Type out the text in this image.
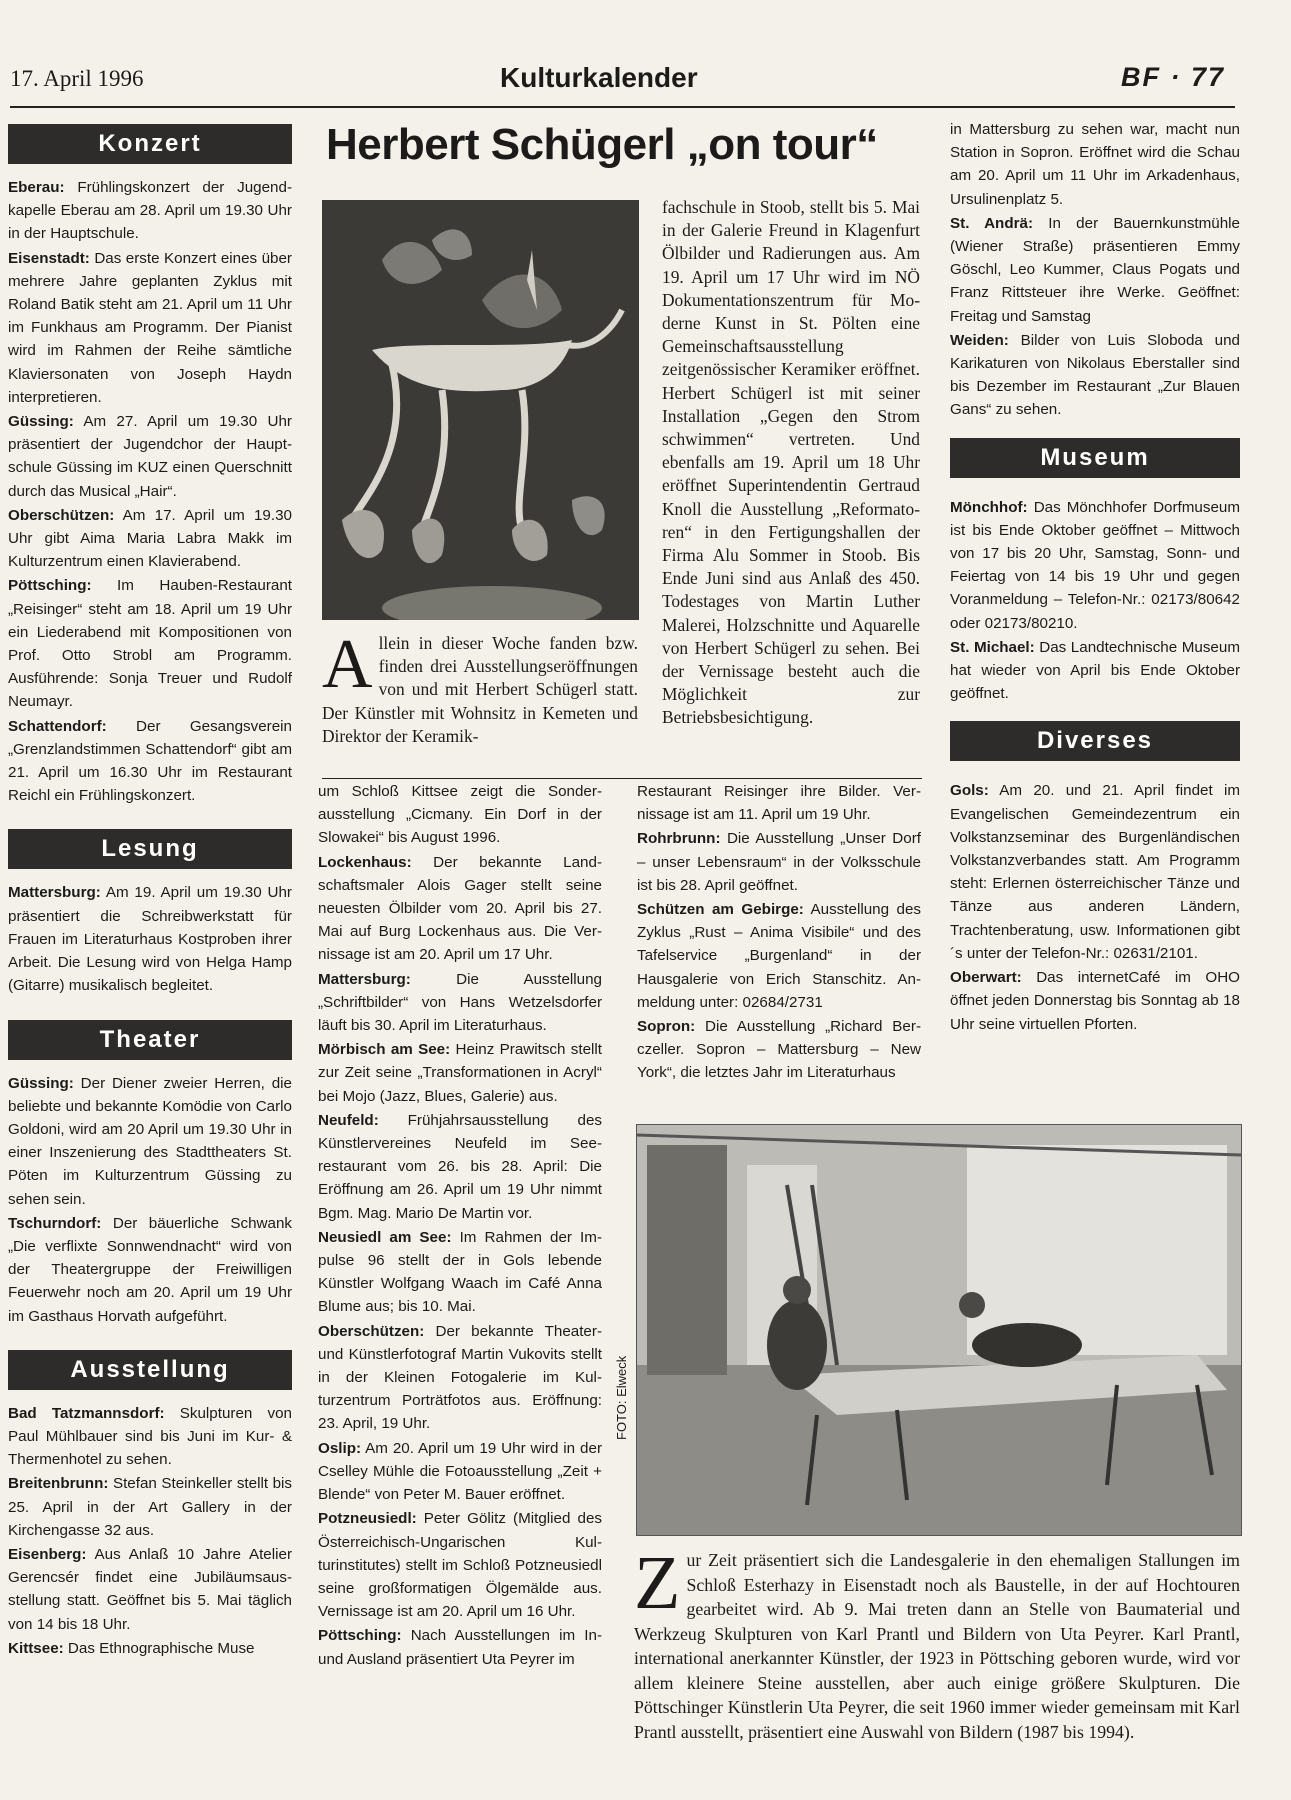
17. April 1996	Kulturkalender	BF · 77
Konzert

Eberau: Frühlingskonzert der Jugendkapelle Eberau am 28. April um 19.30 Uhr in der Hauptschule.

Eisenstadt: Das erste Konzert eines über mehrere Jahre geplanten Zyklus mit Roland Batik steht am 21. April um 11 Uhr im Funkhaus am Programm. Der Pianist wird im Rahmen der Reihe sämtliche Klaviersonaten von Joseph Haydn interpretieren.

Güssing: Am 27. April um 19.30 Uhr präsentiert der Jugendchor der Hauptschule Güssing im KUZ einen Querschnitt durch das Musical „Hair“.

Oberschützen: Am 17. April um 19.30 Uhr gibt Aima Maria Labra Makk im Kulturzentrum einen Klavierabend.

Pöttsching: Im Hauben-Restaurant „Reisinger“ steht am 18. April um 19 Uhr ein Liederabend mit Kompositionen von Prof. Otto Strobl am Programm. Ausführende: Sonja Treuer und Rudolf Neumayr.

Schattendorf: Der Gesangsverein „Grenzlandstimmen Schattendorf“ gibt am 21. April um 16.30 Uhr im Restaurant Reichl ein Frühlingskonzert.

Lesung

Mattersburg: Am 19. April um 19.30 Uhr präsentiert die Schreibwerkstatt für Frauen im Literaturhaus Kostproben ihrer Arbeit. Die Lesung wird von Helga Hamp (Gitarre) musikalisch begleitet.

Theater

Güssing: Der Diener zweier Herren, die beliebte und bekannte Komödie von Carlo Goldoni, wird am 20 April um 19.30 Uhr in einer Inszenierung des Stadttheaters St. Pöten im Kulturzentrum Güssing zu sehen sein.

Tschurndorf: Der bäuerliche Schwank „Die verflixte Sonnwendnacht“ wird von der Theatergruppe der Freiwilligen Feuerwehr noch am 20. April um 19 Uhr im Gasthaus Horvath aufgeführt.

Ausstellung

Bad Tatzmannsdorf: Skulpturen von Paul Mühlbauer sind bis Juni im Kur- & Thermenhotel zu sehen.

Breitenbrunn: Stefan Steinkeller stellt bis 25. April in der Art Gallery in der Kirchengasse 32 aus.

Eisenberg: Aus Anlaß 10 Jahre Atelier Gerencsér findet eine Jubiläumsausstellung statt. Geöffnet bis 5. Mai täglich von 14 bis 18 Uhr.

Kittsee: Das Ethnographische Muse

Herbert Schügerl „on tour“
fachschule in Stoob, stellt bis 5. Mai in der Galerie Freund in Klagenfurt Ölbilder und Radierungen aus. Am 19. April um 17 Uhr wird im NÖ Dokumentationszentrum für Moderne Kunst in St. Pölten eine Gemeinschaftsausstellung zeitgenössischer Keramiker eröffnet. Herbert Schügerl ist mit seiner Installation „Gegen den Strom schwimmen“ vertreten. Und ebenfalls am 19. April um 18 Uhr eröffnet Superintendentin Gertraud Knoll die Ausstellung „Reformatoren“ in den Fertigungshallen der Firma Alu Sommer in Stoob. Bis Ende Juni sind aus Anlaß des 450. Todestages von Martin Luther Malerei, Holzschnitte und Aquarelle von Herbert Schügerl zu sehen. Bei der Vernissage besteht auch die Möglichkeit zur Betriebsbesichtigung.
Allein in dieser Woche fanden bzw. finden drei Ausstellungseröffnungen von und mit Herbert Schügerl statt. Der Künstler mit Wohnsitz in Kemeten und Direktor der Keramik-

um Schloß Kittsee zeigt die Sonderausstellung „Cicmany. Ein Dorf in der Slowakei“ bis August 1996.

Lockenhaus: Der bekannte Landschaftsmaler Alois Gager stellt seine neuesten Ölbilder vom 20. April bis 27. Mai auf Burg Lockenhaus aus. Die Vernissage ist am 20. April um 17 Uhr.

Mattersburg: Die Ausstellung „Schriftbilder“ von Hans Wetzelsdorfer läuft bis 30. April im Literaturhaus.

Mörbisch am See: Heinz Prawitsch stellt zur Zeit seine „Transformationen in Acryl“ bei Mojo (Jazz, Blues, Galerie) aus.

Neufeld: Frühjahrsausstellung des Künstlervereines Neufeld im Seerestaurant vom 26. bis 28. April: Die Eröffnung am 26. April um 19 Uhr nimmt Bgm. Mag. Mario De Martin vor.

Neusiedl am See: Im Rahmen der Impulse 96 stellt der in Gols lebende Künstler Wolfgang Waach im Café Anna Blume aus; bis 10. Mai.

Oberschützen: Der bekannte Theater- und Künstlerfotograf Martin Vukovits stellt in der Kleinen Fotogalerie im Kulturzentrum Porträtfotos aus. Eröffnung: 23. April, 19 Uhr.

Oslip: Am 20. April um 19 Uhr wird in der Cselley Mühle die Fotoausstellung „Zeit + Blende“ von Peter M. Bauer eröffnet.

Potzneusiedl: Peter Gölitz (Mitglied des Österreichisch-Ungarischen Kulturinstitutes) stellt im Schloß Potzneusiedl seine großformatigen Ölgemälde aus. Vernissage ist am 20. April um 16 Uhr.

Pöttsching: Nach Ausstellungen im In- und Ausland präsentiert Uta Peyrer im

Restaurant Reisinger ihre Bilder. Vernissage ist am 11. April um 19 Uhr.

Rohrbrunn: Die Ausstellung „Unser Dorf – unser Lebensraum“ in der Volksschule ist bis 28. April geöffnet.

Schützen am Gebirge: Ausstellung des Zyklus „Rust – Anima Visibile“ und des Tafelservice „Burgenland“ in der Hausgalerie von Erich Stanschitz. Anmeldung unter: 02684/2731

Sopron: Die Ausstellung „Richard Berczeller. Sopron – Mattersburg – New York“, die letztes Jahr im Literaturhaus

in Mattersburg zu sehen war, macht nun Station in Sopron. Eröffnet wird die Schau am 20. April um 11 Uhr im Arkadenhaus, Ursulinenplatz 5.

St. Andrä: In der Bauernkunstmühle (Wiener Straße) präsentieren Emmy Göschl, Leo Kummer, Claus Pogats und Franz Rittsteuer ihre Werke. Geöffnet: Freitag und Samstag

Weiden: Bilder von Luis Sloboda und Karikaturen von Nikolaus Eberstaller sind bis Dezember im Restaurant „Zur Blauen Gans“ zu sehen.

Museum

Mönchhof: Das Mönchhofer Dorfmuseum ist bis Ende Oktober geöffnet – Mittwoch von 17 bis 20 Uhr, Samstag, Sonn- und Feiertag von 14 bis 19 Uhr und gegen Voranmeldung – Telefon-Nr.: 02173/80642 oder 02173/80210.

St. Michael: Das Landtechnische Museum hat wieder von April bis Ende Oktober geöffnet.

Diverses

Gols: Am 20. und 21. April findet im Evangelischen Gemeindezentrum ein Volkstanzseminar des Burgenländischen Volkstanzverbandes statt. Am Programm steht: Erlernen österreichischer Tänze und Tänze aus anderen Ländern, Trachtenberatung, usw. Informationen gibt´s unter der Telefon-Nr.: 02631/2101.

Oberwart: Das internetCafé im OHO öffnet jeden Donnerstag bis Sonntag ab 18 Uhr seine virtuellen Pforten.

FOTO: Elweck
Zur Zeit präsentiert sich die Landesgalerie in den ehemaligen Stallungen im Schloß Esterhazy in Eisenstadt noch als Baustelle, in der auf Hochtouren gearbeitet wird. Ab 9. Mai treten dann an Stelle von Baumaterial und Werkzeug Skulpturen von Karl Prantl und Bildern von Uta Peyrer. Karl Prantl, international anerkannter Künstler, der 1923 in Pöttsching geboren wurde, wird vor allem kleinere Steine ausstellen, aber auch einige größere Skulpturen. Die Pöttschinger Künstlerin Uta Peyrer, die seit 1960 immer wieder gemeinsam mit Karl Prantl ausstellt, präsentiert eine Auswahl von Bildern (1987 bis 1994).
